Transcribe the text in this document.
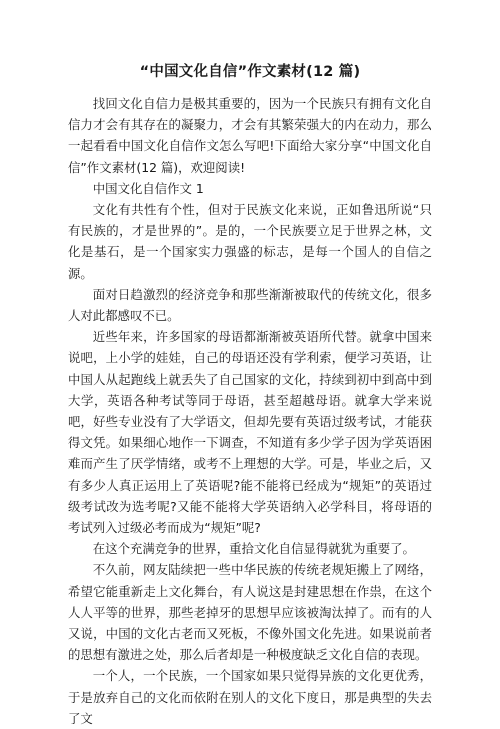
“中国文化自信”作文素材(12 篇)

找回文化自信力是极其重要的，因为一个民族只有拥有文化自信力才会有其存在的凝聚力，才会有其繁荣强大的内在动力，那么一起看看中国文化自信作文怎么写吧!下面给大家分享“中国文化自信”作文素材(12 篇)，欢迎阅读!

中国文化自信作文 1

文化有共性有个性，但对于民族文化来说，正如鲁迅所说“只有民族的，才是世界的”。是的，一个民族要立足于世界之林，文化是基石，是一个国家实力强盛的标志，是每一个国人的自信之源。

面对日趋激烈的经济竞争和那些渐渐被取代的传统文化，很多人对此都感叹不已。

近些年来，许多国家的母语都渐渐被英语所代替。就拿中国来说吧，上小学的娃娃，自己的母语还没有学利索，便学习英语，让中国人从起跑线上就丢失了自己国家的文化，持续到初中到高中到大学，英语各种考试等同于母语，甚至超越母语。就拿大学来说吧，好些专业没有了大学语文，但却先要有英语过级考试，才能获得文凭。如果细心地作一下调查，不知道有多少学子因为学英语困难而产生了厌学情绪，或考不上理想的大学。可是，毕业之后，又有多少人真正运用上了英语呢?能不能将已经成为“规矩”的英语过级考试改为选考呢?又能不能将大学英语纳入必学科目，将母语的考试列入过级必考而成为“规矩”呢?

在这个充满竞争的世界，重拾文化自信显得就犹为重要了。

不久前，网友陆续把一些中华民族的传统老规矩搬上了网络，希望它能重新走上文化舞台，有人说这是封建思想在作祟，在这个人人平等的世界，那些老掉牙的思想早应该被淘汰掉了。而有的人又说，中国的文化古老而又死板，不像外国文化先进。如果说前者的思想有激进之处，那么后者却是一种极度缺乏文化自信的表现。

一个人，一个民族，一个国家如果只觉得异族的文化更优秀，于是放弃自己的文化而依附在别人的文化下度日，那是典型的失去了文
